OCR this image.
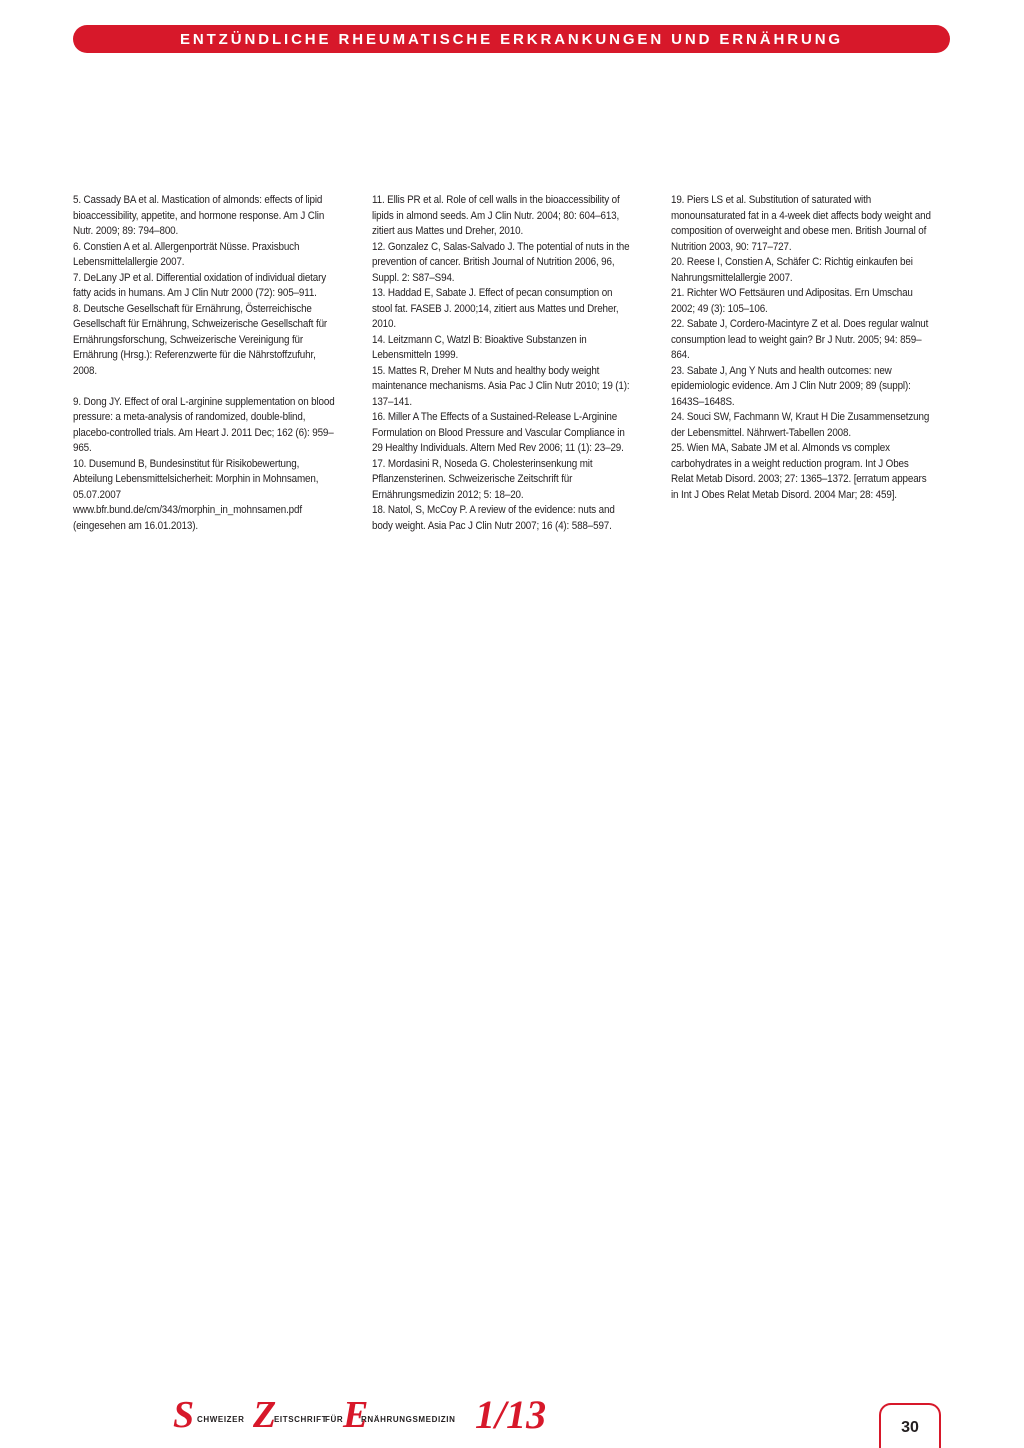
ENTZÜNDLICHE RHEUMATISCHE ERKRANKUNGEN UND ERNÄHRUNG

5. Cassady BA et al. Mastication of almonds: effects of lipid bioaccessibility, appetite, and hormone response. Am J Clin Nutr. 2009; 89: 794–800.

6. Constien A et al. Allergenporträt Nüsse. Praxisbuch Lebensmittelallergie 2007.

7. DeLany JP et al. Differential oxidation of individual dietary fatty acids in humans. Am J Clin Nutr 2000 (72): 905–911.

8. Deutsche Gesellschaft für Ernährung, Österreichische Gesellschaft für Ernährung, Schweizerische Gesellschaft für Ernährungsforschung, Schweizerische Vereinigung für Ernährung (Hrsg.): Referenzwerte für die Nährstoffzufuhr, 2008.

9. Dong JY. Effect of oral L-arginine supplementation on blood pressure: a meta-analysis of randomized, double-blind, placebo-controlled trials. Am Heart J. 2011 Dec; 162 (6): 959–965.

10. Dusemund B, Bundesinstitut für Risikobewertung, Abteilung Lebensmittelsicherheit: Morphin in Mohnsamen, 05.07.2007 www.bfr.bund.de/cm/343/morphin_in_mohnsamen.pdf (eingesehen am 16.01.2013).

11. Ellis PR et al. Role of cell walls in the bioaccessibility of lipids in almond seeds. Am J Clin Nutr. 2004; 80: 604–613, zitiert aus Mattes und Dreher, 2010.

12. Gonzalez C, Salas-Salvado J. The potential of nuts in the prevention of cancer. British Journal of Nutrition 2006, 96, Suppl. 2: S87–S94.

13. Haddad E, Sabate J. Effect of pecan consumption on stool fat. FASEB J. 2000;14, zitiert aus Mattes und Dreher, 2010.

14. Leitzmann C, Watzl B: Bioaktive Substanzen in Lebensmitteln 1999.

15. Mattes R, Dreher M Nuts and healthy body weight maintenance mechanisms. Asia Pac J Clin Nutr 2010; 19 (1): 137–141.

16. Miller A The Effects of a Sustained-Release L-Arginine Formulation on Blood Pressure and Vascular Compliance in 29 Healthy Individuals. Altern Med Rev 2006; 11 (1): 23–29.

17. Mordasini R, Noseda G. Cholesterinsenkung mit Pflanzensterinen. Schweizerische Zeitschrift für Ernährungsmedizin 2012; 5: 18–20.

18. Natol, S, McCoy P. A review of the evidence: nuts and body weight. Asia Pac J Clin Nutr 2007; 16 (4): 588–597.

19. Piers LS et al. Substitution of saturated with monounsaturated fat in a 4-week diet affects body weight and composition of overweight and obese men. British Journal of Nutrition 2003, 90: 717–727.

20. Reese I, Constien A, Schäfer C: Richtig einkaufen bei Nahrungsmittelallergie 2007.

21. Richter WO Fettsäuren und Adipositas. Ern Umschau 2002; 49 (3): 105–106.

22. Sabate J, Cordero-Macintyre Z et al. Does regular walnut consumption lead to weight gain? Br J Nutr. 2005; 94: 859–864.

23. Sabate J, Ang Y Nuts and health outcomes: new epidemiologic evidence. Am J Clin Nutr 2009; 89 (suppl): 1643S–1648S.

24. Souci SW, Fachmann W, Kraut H Die Zusammensetzung der Lebensmittel. Nährwert-Tabellen 2008.

25. Wien MA, Sabate JM et al. Almonds vs complex carbohydrates in a weight reduction program. Int J Obes Relat Metab Disord. 2003; 27: 1365–1372. [erratum appears in Int J Obes Relat Metab Disord. 2004 Mar; 28: 459].

S CHWEIZER Z
EITSCHRIFT
FÜR E
RNÄHRUNGSMEDIZIN 1/13	30
